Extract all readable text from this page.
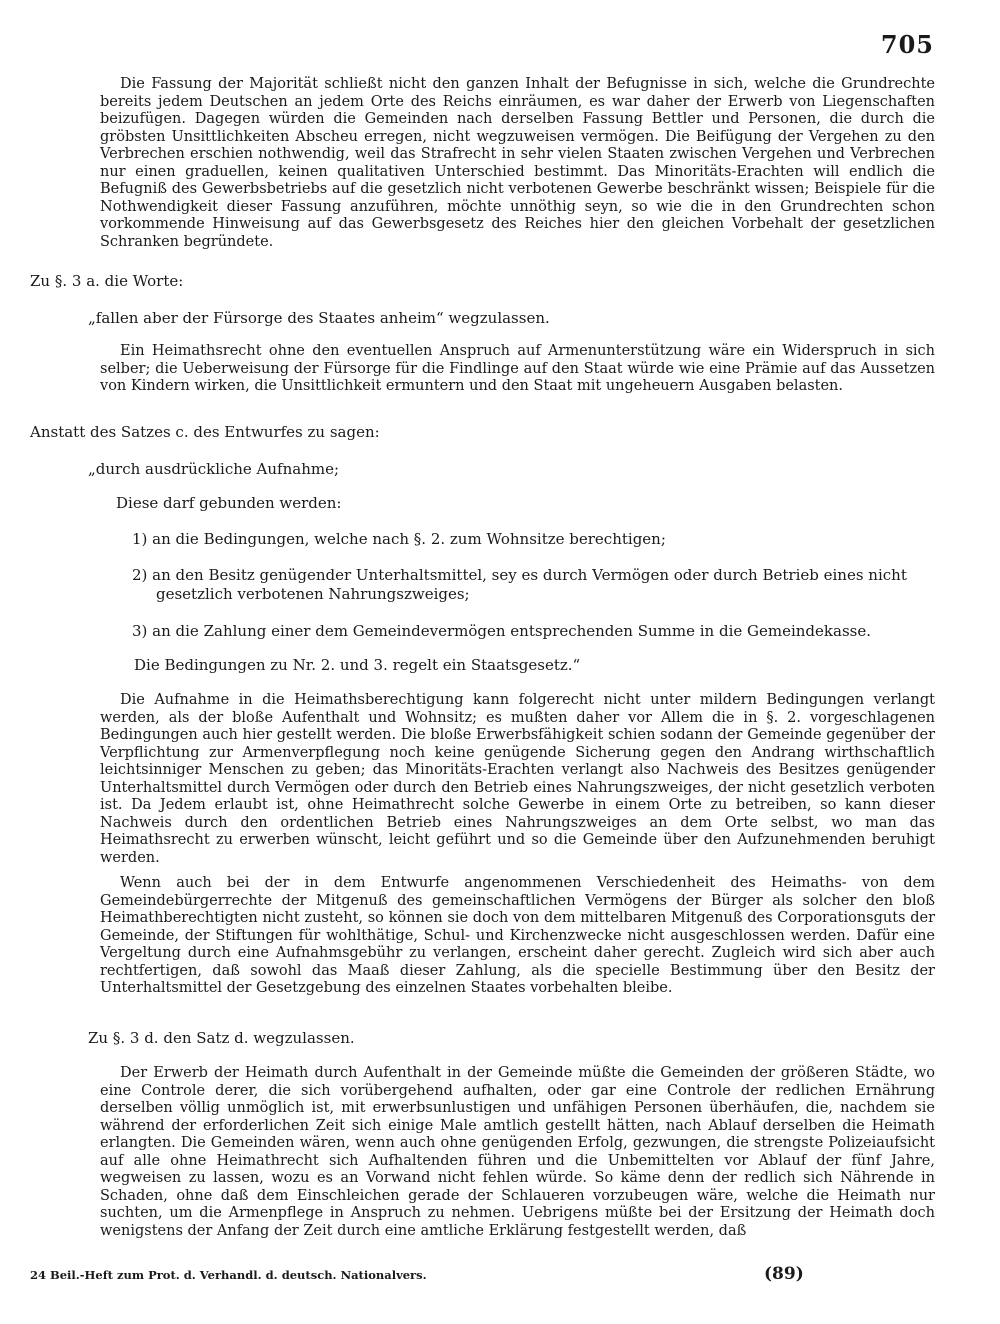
705

Die Fassung der Majorität schließt nicht den ganzen Inhalt der Befugnisse in sich, welche die Grundrechte bereits jedem Deutschen an jedem Orte des Reichs einräumen, es war daher der Erwerb von Liegenschaften beizufügen. Dagegen würden die Gemeinden nach derselben Fassung Bettler und Personen, die durch die gröbsten Unsittlichkeiten Abscheu erregen, nicht wegzuweisen vermögen. Die Beifügung der Vergehen zu den Verbrechen erschien nothwendig, weil das Strafrecht in sehr vielen Staaten zwischen Vergehen und Verbrechen nur einen graduellen, keinen qualitativen Unterschied bestimmt. Das Minoritäts-Erachten will endlich die Befugniß des Gewerbsbetriebs auf die gesetzlich nicht verbotenen Gewerbe beschränkt wissen; Beispiele für die Nothwendigkeit dieser Fassung anzuführen, möchte unnöthig seyn, so wie die in den Grundrechten schon vorkommende Hinweisung auf das Gewerbsgesetz des Reiches hier den gleichen Vorbehalt der gesetzlichen Schranken begründete.

Zu §. 3 a. die Worte:

„fallen aber der Fürsorge des Staates anheim“ wegzulassen.

Ein Heimathsrecht ohne den eventuellen Anspruch auf Armenunterstützung wäre ein Widerspruch in sich selber; die Ueberweisung der Fürsorge für die Findlinge auf den Staat würde wie eine Prämie auf das Aussetzen von Kindern wirken, die Unsittlichkeit ermuntern und den Staat mit ungeheuern Ausgaben belasten.

Anstatt des Satzes c. des Entwurfes zu sagen:

„durch ausdrückliche Aufnahme;

Diese darf gebunden werden:

1) an die Bedingungen, welche nach §. 2. zum Wohnsitze berechtigen;

2) an den Besitz genügender Unterhaltsmittel, sey es durch Vermögen oder durch Betrieb eines nicht gesetzlich verbotenen Nahrungszweiges;

3) an die Zahlung einer dem Gemeindevermögen entsprechenden Summe in die Gemeindekasse.

Die Bedingungen zu Nr. 2. und 3. regelt ein Staatsgesetz.“

Die Aufnahme in die Heimathsberechtigung kann folgerecht nicht unter mildern Bedingungen verlangt werden, als der bloße Aufenthalt und Wohnsitz; es mußten daher vor Allem die in §. 2. vorgeschlagenen Bedingungen auch hier gestellt werden. Die bloße Erwerbsfähigkeit schien sodann der Gemeinde gegenüber der Verpflichtung zur Armenverpflegung noch keine genügende Sicherung gegen den Andrang wirthschaftlich leichtsinniger Menschen zu geben; das Minoritäts-Erachten verlangt also Nachweis des Besitzes genügender Unterhaltsmittel durch Vermögen oder durch den Betrieb eines Nahrungszweiges, der nicht gesetzlich verboten ist. Da Jedem erlaubt ist, ohne Heimathrecht solche Gewerbe in einem Orte zu betreiben, so kann dieser Nachweis durch den ordentlichen Betrieb eines Nahrungszweiges an dem Orte selbst, wo man das Heimathsrecht zu erwerben wünscht, leicht geführt und so die Gemeinde über den Aufzunehmenden beruhigt werden.

Wenn auch bei der in dem Entwurfe angenommenen Verschiedenheit des Heimaths- von dem Gemeindebürgerrechte der Mitgenuß des gemeinschaftlichen Vermögens der Bürger als solcher den bloß Heimathberechtigten nicht zusteht, so können sie doch von dem mittelbaren Mitgenuß des Corporationsguts der Gemeinde, der Stiftungen für wohlthätige, Schul- und Kirchenzwecke nicht ausgeschlossen werden. Dafür eine Vergeltung durch eine Aufnahmsgebühr zu verlangen, erscheint daher gerecht. Zugleich wird sich aber auch rechtfertigen, daß sowohl das Maaß dieser Zahlung, als die specielle Bestimmung über den Besitz der Unterhaltsmittel der Gesetzgebung des einzelnen Staates vorbehalten bleibe.

Zu §. 3 d. den Satz d. wegzulassen.

Der Erwerb der Heimath durch Aufenthalt in der Gemeinde müßte die Gemeinden der größeren Städte, wo eine Controle derer, die sich vorübergehend aufhalten, oder gar eine Controle der redlichen Ernährung derselben völlig unmöglich ist, mit erwerbsunlustigen und unfähigen Personen überhäufen, die, nachdem sie während der erforderlichen Zeit sich einige Male amtlich gestellt hätten, nach Ablauf derselben die Heimath erlangten. Die Gemeinden wären, wenn auch ohne genügenden Erfolg, gezwungen, die strengste Polizeiaufsicht auf alle ohne Heimathrecht sich Aufhaltenden führen und die Unbemittelten vor Ablauf der fünf Jahre, wegweisen zu lassen, wozu es an Vorwand nicht fehlen würde. So käme denn der redlich sich Nährende in Schaden, ohne daß dem Einschleichen gerade der Schlaueren vorzubeugen wäre, welche die Heimath nur suchten, um die Armenpflege in Anspruch zu nehmen. Uebrigens müßte bei der Ersitzung der Heimath doch wenigstens der Anfang der Zeit durch eine amtliche Erklärung festgestellt werden, daß

24 Beil.-Heft zum Prot. d. Verhandl. d. deutsch. Nationalvers.	(89)
